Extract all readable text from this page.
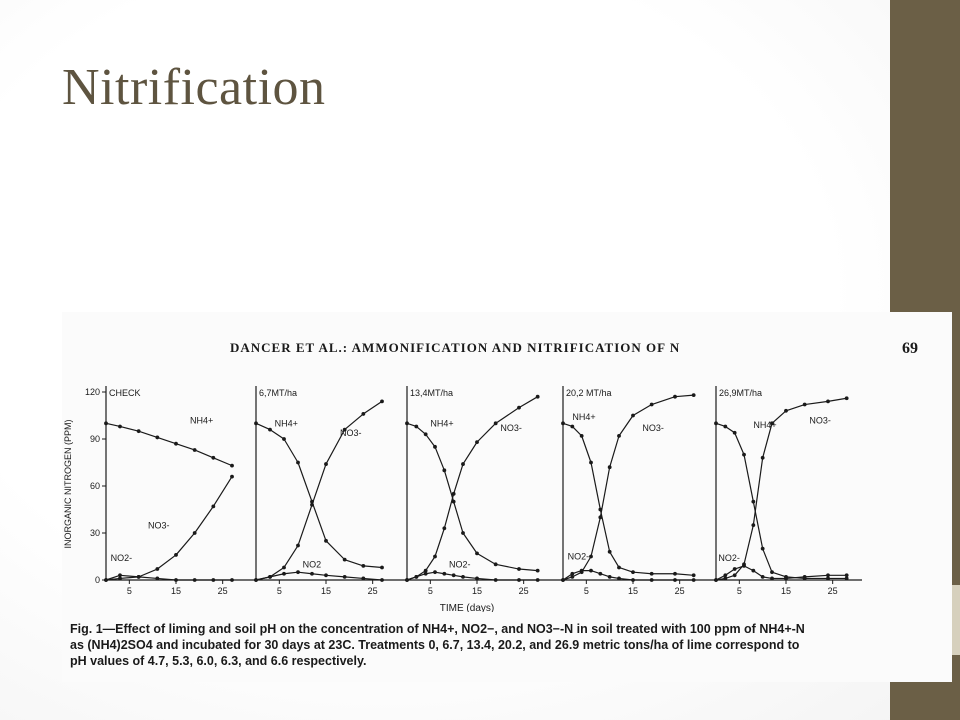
Nitrification
DANCER ET AL.: AMMONIFICATION AND NITRIFICATION OF N	69
INORGANIC NITROGEN (PPM)
TIME (days)
0
30
60
90
120
5	15	25
CHECK
NH4+
NO3-
NO2-
5	15	25
6,7MT/ha
NH4+
NO3-
NO2
5	15	25
13,4MT/ha
NH4+	NO3-
NO2-
5	15	25
20,2 MT/ha
NH4+
NO3-
NO2-
5	15	25
26,9MT/ha
NH4+	NO3-
NO2-
Fig. 1—Effect of liming and soil pH on the concentration of NH4+, NO2−, and NO3−-N in soil treated with 100 ppm of NH4+-N
as (NH4)2SO4 and incubated for 30 days at 23C. Treatments 0, 6.7, 13.4, 20.2, and 26.9 metric tons/ha of lime correspond to
pH values of 4.7, 5.3, 6.0, 6.3, and 6.6 respectively.
